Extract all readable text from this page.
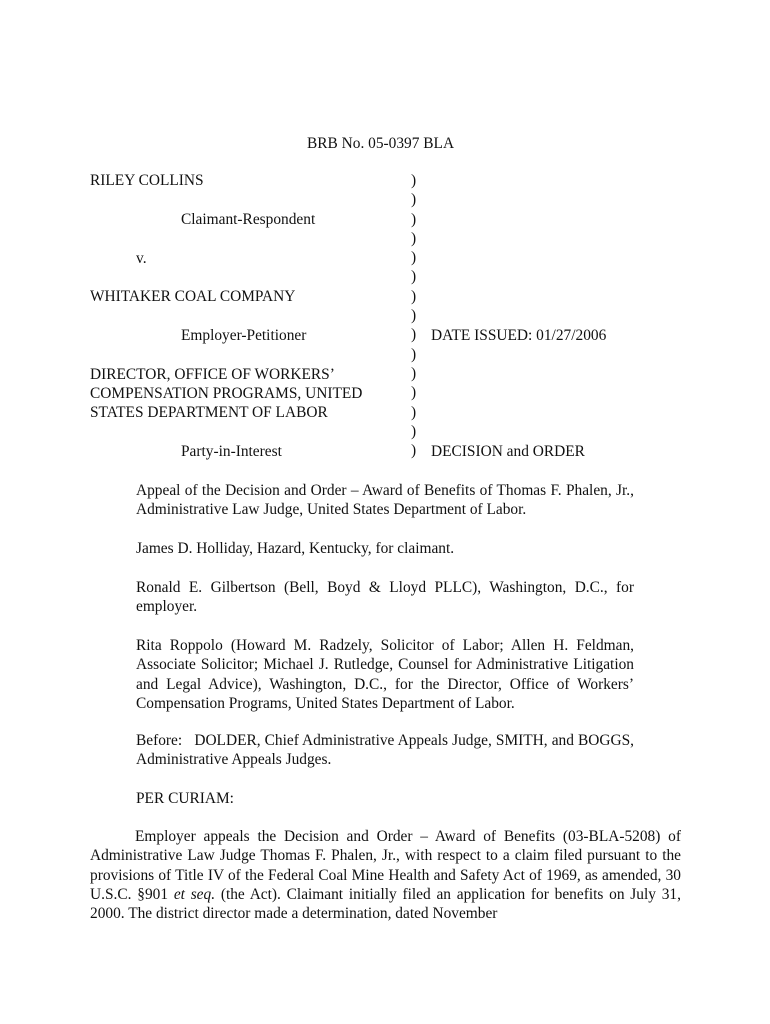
BRB No. 05-0397 BLA
RILEY COLLINS
Claimant-Respondent
v.
WHITAKER COAL COMPANY
Employer-Petitioner
DIRECTOR, OFFICE OF WORKERS’
COMPENSATION PROGRAMS, UNITED
STATES DEPARTMENT OF LABOR
Party-in-Interest
)
)
)
)
)
)
)
)
)
)
)
)
)
)
)
DATE ISSUED: 01/27/2006
DECISION and ORDER
Appeal of the Decision and Order – Award of Benefits of Thomas F. Phalen, Jr., Administrative Law Judge, United States Department of Labor.
James D. Holliday, Hazard, Kentucky, for claimant.
Ronald E. Gilbertson (Bell, Boyd & Lloyd PLLC), Washington, D.C., for employer.
Rita Roppolo (Howard M. Radzely, Solicitor of Labor; Allen H. Feldman, Associate Solicitor; Michael J. Rutledge, Counsel for Administrative Litigation and Legal Advice), Washington, D.C., for the Director, Office of Workers’ Compensation Programs, United States Department of Labor.
Before:   DOLDER, Chief Administrative Appeals Judge, SMITH, and BOGGS, Administrative Appeals Judges.
PER CURIAM:
Employer appeals the Decision and Order – Award of Benefits (03-BLA-5208) of Administrative Law Judge Thomas F. Phalen, Jr., with respect to a claim filed pursuant to the provisions of Title IV of the Federal Coal Mine Health and Safety Act of 1969, as amended, 30 U.S.C. §901 et seq. (the Act). Claimant initially filed an application for benefits on July 31, 2000. The district director made a determination, dated November
